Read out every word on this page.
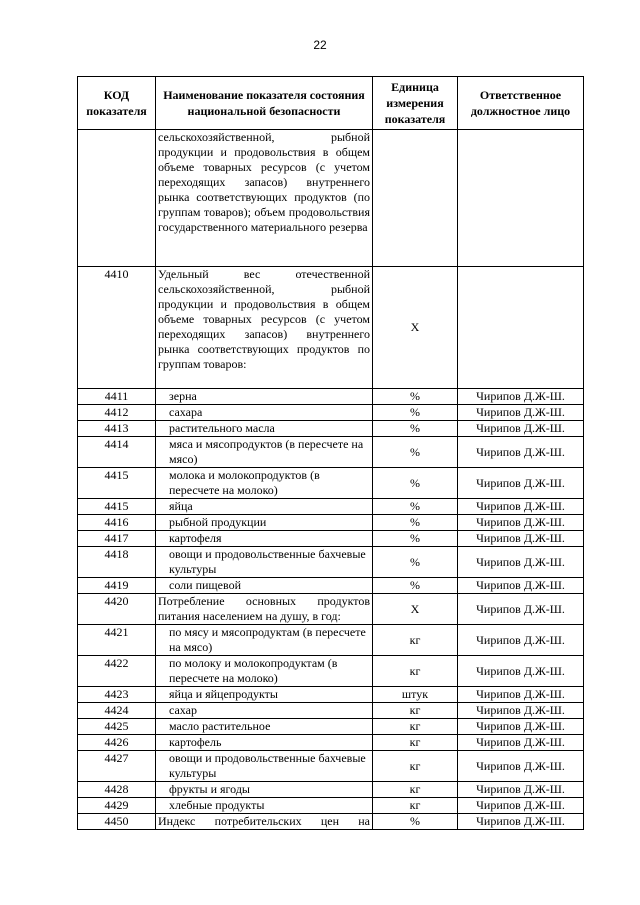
22
КОД показателя	Наименование показателя состояния национальной безопасности	Единица измерения показателя	Ответственное должностное лицо
	сельскохозяйственной, рыбной продукции и продовольствия в общем объеме товарных ресурсов (с учетом переходящих запасов) внутреннего рынка соответствующих продуктов (по группам товаров); объем продовольствия государственного материального резерва		
4410	Удельный вес отечественной сельскохозяйственной, рыбной продукции и продовольствия в общем объеме товарных ресурсов (с учетом переходящих запасов) внутреннего рынка соответствующих продуктов по группам товаров:	Х	
4411	зерна	%	Чирипов Д.Ж-Ш.
4412	сахара	%	Чирипов Д.Ж-Ш.
4413	растительного масла	%	Чирипов Д.Ж-Ш.
4414	мяса и мясопродуктов (в пересчете на мясо)	%	Чирипов Д.Ж-Ш.
4415	молока и молокопродуктов (в пересчете на молоко)	%	Чирипов Д.Ж-Ш.
4415	яйца	%	Чирипов Д.Ж-Ш.
4416	рыбной продукции	%	Чирипов Д.Ж-Ш.
4417	картофеля	%	Чирипов Д.Ж-Ш.
4418	овощи и продовольственные бахчевые культуры	%	Чирипов Д.Ж-Ш.
4419	соли пищевой	%	Чирипов Д.Ж-Ш.
4420	Потребление основных продуктов питания населением на душу, в год:	Х	Чирипов Д.Ж-Ш.
4421	по мясу и мясопродуктам (в пересчете на мясо)	кг	Чирипов Д.Ж-Ш.
4422	по молоку и молокопродуктам (в пересчете на молоко)	кг	Чирипов Д.Ж-Ш.
4423	яйца и яйцепродукты	штук	Чирипов Д.Ж-Ш.
4424	сахар	кг	Чирипов Д.Ж-Ш.
4425	масло растительное	кг	Чирипов Д.Ж-Ш.
4426	картофель	кг	Чирипов Д.Ж-Ш.
4427	овощи и продовольственные бахчевые культуры	кг	Чирипов Д.Ж-Ш.
4428	фрукты и ягоды	кг	Чирипов Д.Ж-Ш.
4429	хлебные продукты	кг	Чирипов Д.Ж-Ш.
4450	Индекс потребительских цен на	%	Чирипов Д.Ж-Ш.
